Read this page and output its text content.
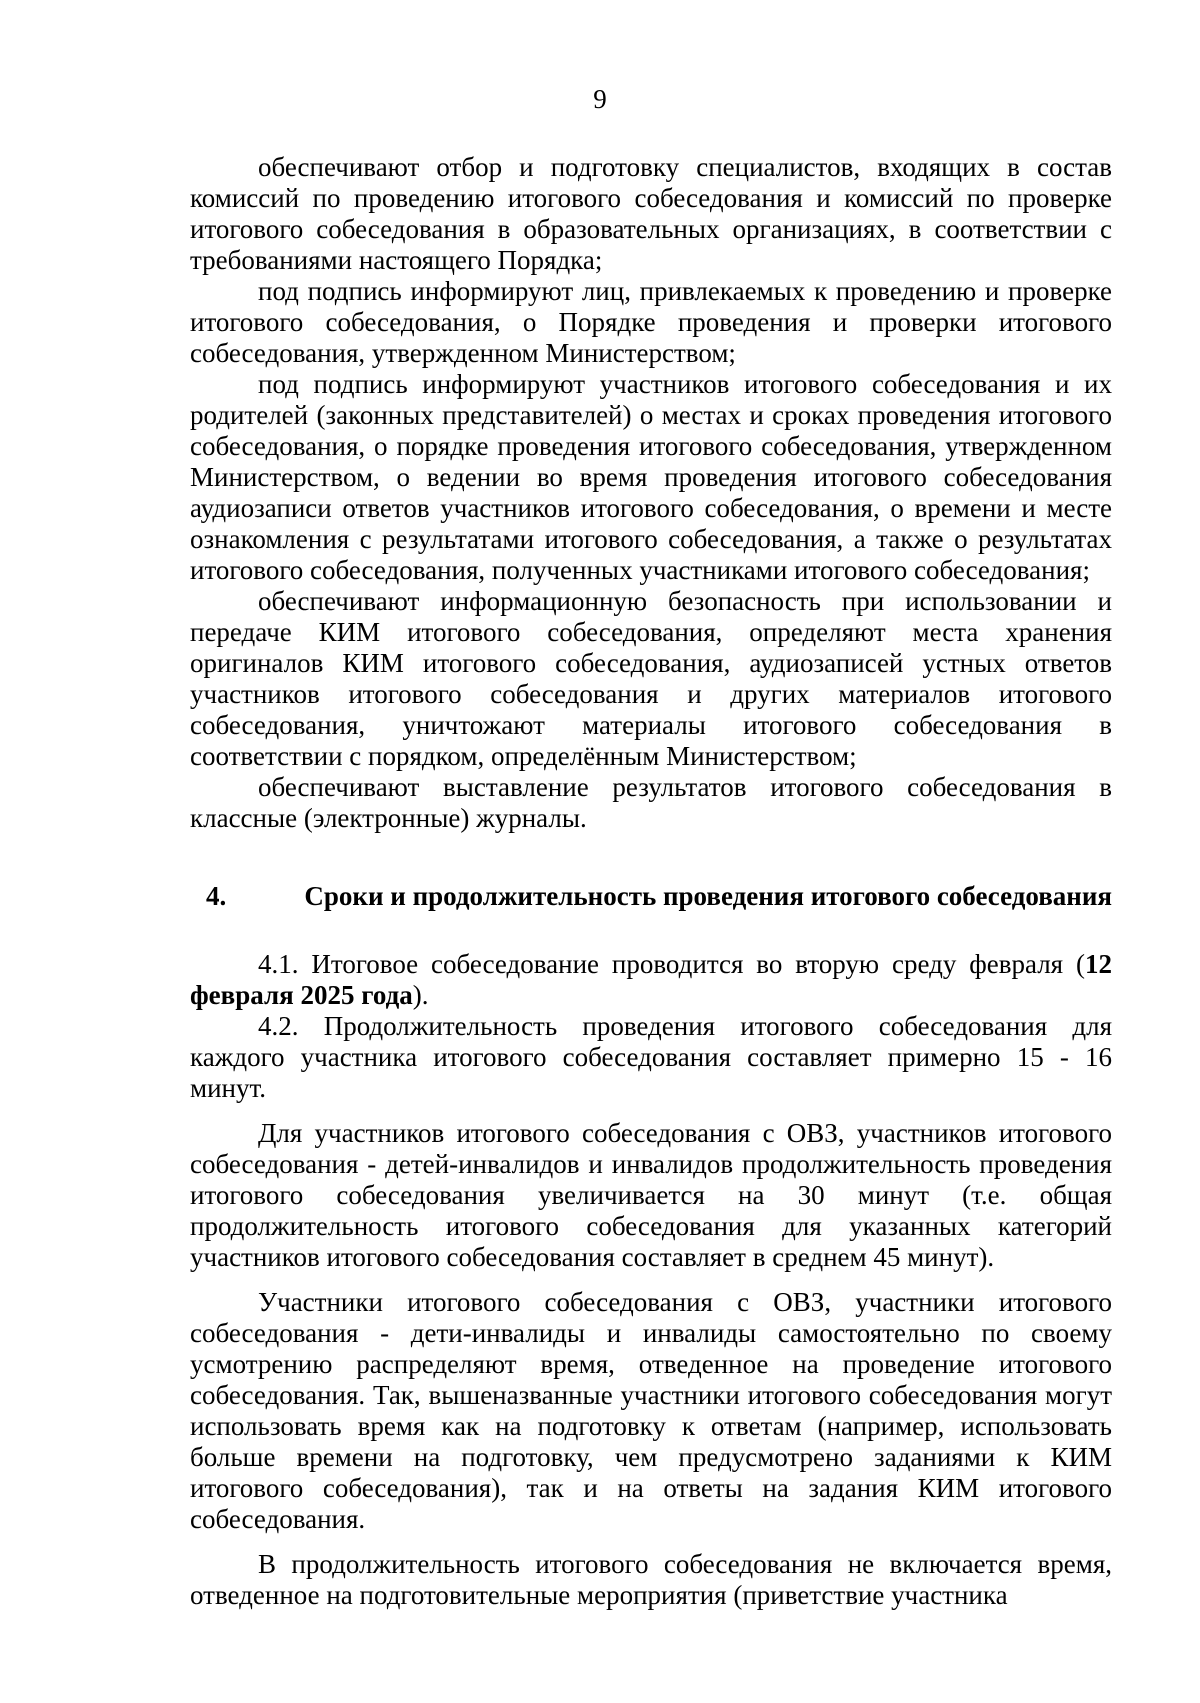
9

обеспечивают отбор и подготовку специалистов, входящих в состав комиссий по проведению итогового собеседования и комиссий по проверке итогового собеседования в образовательных организациях, в соответствии с требованиями настоящего Порядка;

под подпись информируют лиц, привлекаемых к проведению и проверке итогового собеседования, о Порядке проведения и проверки итогового собеседования, утвержденном Министерством;

под подпись информируют участников итогового собеседования и их родителей (законных представителей) о местах и сроках проведения итогового собеседования, о порядке проведения итогового собеседования, утвержденном Министерством, о ведении во время проведения итогового собеседования аудиозаписи ответов участников итогового собеседования, о времени и месте ознакомления с результатами итогового собеседования, а также о результатах итогового собеседования, полученных участниками итогового собеседования;

обеспечивают информационную безопасность при использовании и передаче КИМ итогового собеседования, определяют места хранения оригиналов КИМ итогового собеседования, аудиозаписей устных ответов участников итогового собеседования и других материалов итогового собеседования, уничтожают материалы итогового собеседования в соответствии с порядком, определённым Министерством;

обеспечивают выставление результатов итогового собеседования в классные (электронные) журналы.

4.	Сроки и продолжительность проведения итогового собеседования

4.1. Итоговое собеседование проводится во вторую среду февраля (12 февраля 2025 года).

4.2. Продолжительность проведения итогового собеседования для каждого участника итогового собеседования составляет примерно 15 - 16 минут.

Для участников итогового собеседования с ОВЗ, участников итогового собеседования - детей-инвалидов и инвалидов продолжительность проведения итогового собеседования увеличивается на 30 минут (т.е. общая продолжительность итогового собеседования для указанных категорий участников итогового собеседования составляет в среднем 45 минут).

Участники итогового собеседования с ОВЗ, участники итогового собеседования - дети-инвалиды и инвалиды самостоятельно по своему усмотрению распределяют время, отведенное на проведение итогового собеседования. Так, вышеназванные участники итогового собеседования могут использовать время как на подготовку к ответам (например, использовать больше времени на подготовку, чем предусмотрено заданиями к КИМ итогового собеседования), так и на ответы на задания КИМ итогового собеседования.

В продолжительность итогового собеседования не включается время, отведенное на подготовительные мероприятия (приветствие участника
